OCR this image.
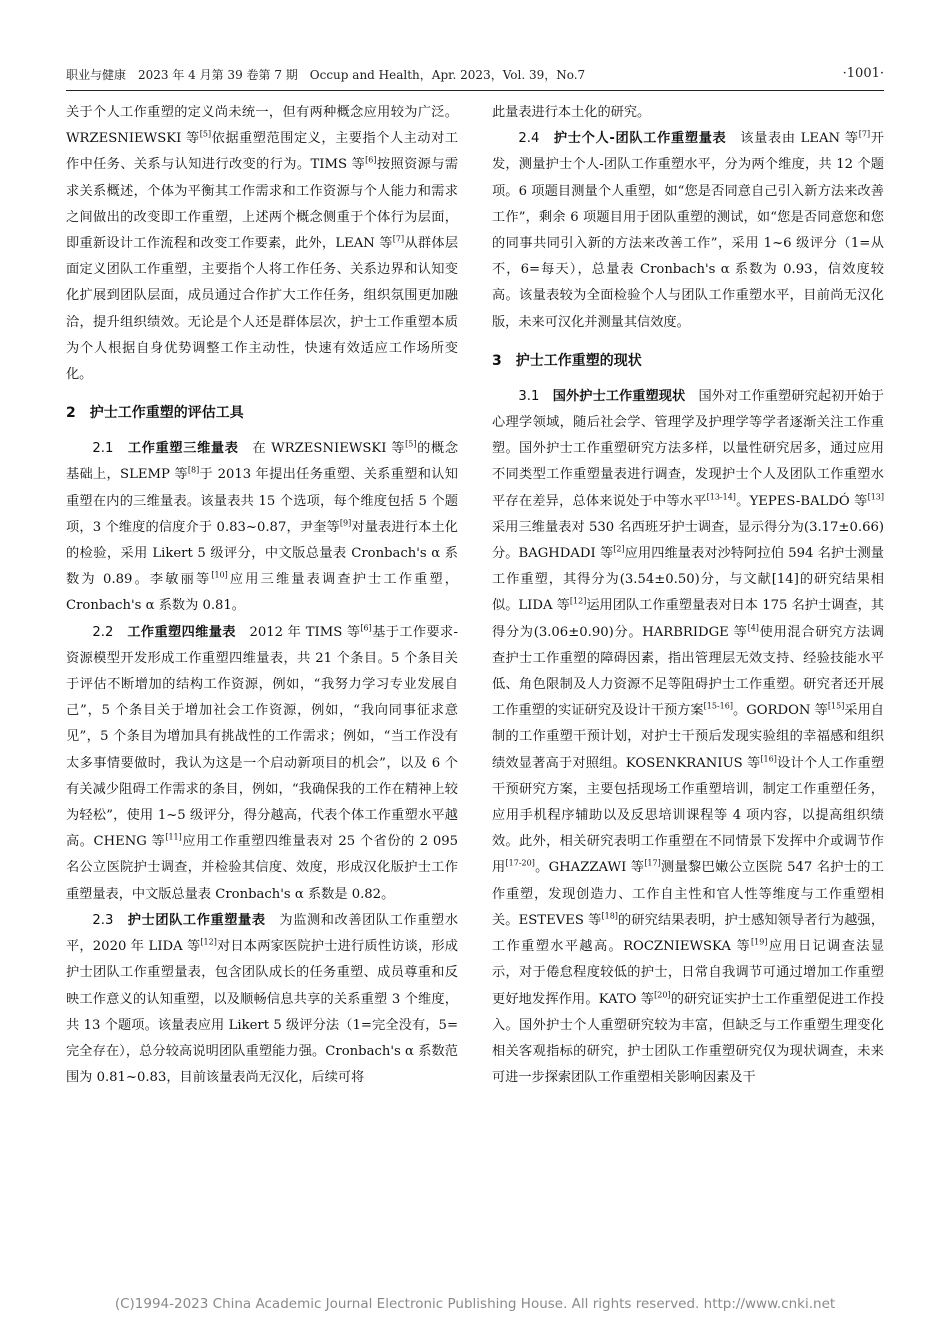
职业与健康　2023 年 4 月第 39 卷第 7 期　Occup and Health，Apr. 2023，Vol. 39，No.7	·1001·

关于个人工作重塑的定义尚未统一，但有两种概念应用较为广泛。WRZESNIEWSKI 等[5]依据重塑范围定义，主要指个人主动对工作中任务、关系与认知进行改变的行为。TIMS 等[6]按照资源与需求关系概述，个体为平衡其工作需求和工作资源与个人能力和需求之间做出的改变即工作重塑，上述两个概念侧重于个体行为层面，即重新设计工作流程和改变工作要素，此外，LEAN 等[7]从群体层面定义团队工作重塑，主要指个人将工作任务、关系边界和认知变化扩展到团队层面，成员通过合作扩大工作任务，组织氛围更加融洽，提升组织绩效。无论是个人还是群体层次，护士工作重塑本质为个人根据自身优势调整工作主动性，快速有效适应工作场所变化。

2　护士工作重塑的评估工具

2.1　 工作重塑三维量表　在 WRZESNIEWSKI 等[5]的概念基础上，SLEMP 等[8]于 2013 年提出任务重塑、关系重塑和认知重塑在内的三维量表。该量表共 15 个选项，每个维度包括 5 个题项，3 个维度的信度介于 0.83~0.87，尹奎等[9]对量表进行本土化的检验，采用 Likert 5 级评分，中文版总量表 Cronbach's α 系数为 0.89。李敏丽等[10]应用三维量表调查护士工作重塑，Cronbach's α 系数为 0.81。

2.2　 工作重塑四维量表　2012 年 TIMS 等[6]基于工作要求-资源模型开发形成工作重塑四维量表，共 21 个条目。5 个条目关于评估不断增加的结构工作资源，例如，“我努力学习专业发展自己”，5 个条目关于增加社会工作资源，例如，“我向同事征求意见”，5 个条目为增加具有挑战性的工作需求；例如，“当工作没有太多事情要做时，我认为这是一个启动新项目的机会”，以及 6 个有关减少阻碍工作需求的条目，例如，“我确保我的工作在精神上较为轻松”，使用 1~5 级评分，得分越高，代表个体工作重塑水平越高。CHENG 等[11]应用工作重塑四维量表对 25 个省份的 2 095 名公立医院护士调查，并检验其信度、效度，形成汉化版护士工作重塑量表，中文版总量表 Cronbach's α 系数是 0.82。

2.3　 护士团队工作重塑量表　为监测和改善团队工作重塑水平，2020 年 LIDA 等[12]对日本两家医院护士进行质性访谈，形成护士团队工作重塑量表，包含团队成长的任务重塑、成员尊重和反映工作意义的认知重塑，以及顺畅信息共享的关系重塑 3 个维度，共 13 个题项。该量表应用 Likert 5 级评分法（1=完全没有，5=完全存在），总分较高说明团队重塑能力强。Cronbach's α 系数范围为 0.81~0.83，目前该量表尚无汉化，后续可将

此量表进行本土化的研究。

2.4　 护士个人-团队工作重塑量表　该量表由 LEAN 等[7]开发，测量护士个人-团队工作重塑水平，分为两个维度，共 12 个题项。6 项题目测量个人重塑，如“您是否同意自己引入新方法来改善工作”，剩余 6 项题目用于团队重塑的测试，如“您是否同意您和您的同事共同引入新的方法来改善工作”，采用 1~6 级评分（1=从不，6=每天），总量表 Cronbach's α 系数为 0.93，信效度较高。该量表较为全面检验个人与团队工作重塑水平，目前尚无汉化版，未来可汉化并测量其信效度。

3　护士工作重塑的现状

3.1　 国外护士工作重塑现状　国外对工作重塑研究起初开始于心理学领域，随后社会学、管理学及护理学等学者逐渐关注工作重塑。国外护士工作重塑研究方法多样，以量性研究居多，通过应用不同类型工作重塑量表进行调查，发现护士个人及团队工作重塑水平存在差异，总体来说处于中等水平[13-14]。YEPES-BALDÓ 等[13]采用三维量表对 530 名西班牙护士调查，显示得分为(3.17±0.66)分。BAGHDADI 等[2]应用四维量表对沙特阿拉伯 594 名护士测量工作重塑，其得分为(3.54±0.50)分，与文献[14]的研究结果相似。LIDA 等[12]运用团队工作重塑量表对日本 175 名护士调查，其得分为(3.06±0.90)分。HARBRIDGE 等[4]使用混合研究方法调查护士工作重塑的障碍因素，指出管理层无效支持、经验技能水平低、角色限制及人力资源不足等阻碍护士工作重塑。研究者还开展工作重塑的实证研究及设计干预方案[15-16]。GORDON 等[15]采用自制的工作重塑干预计划，对护士干预后发现实验组的幸福感和组织绩效显著高于对照组。KOSENKRANIUS 等[16]设计个人工作重塑干预研究方案，主要包括现场工作重塑培训，制定工作重塑任务，应用手机程序辅助以及反思培训课程等 4 项内容，以提高组织绩效。此外，相关研究表明工作重塑在不同情景下发挥中介或调节作用[17-20]。GHAZZAWI 等[17]测量黎巴嫩公立医院 547 名护士的工作重塑，发现创造力、工作自主性和官人性等维度与工作重塑相关。ESTEVES 等[18]的研究结果表明，护士感知领导者行为越强，工作重塑水平越高。ROCZNIEWSKA 等[19]应用日记调查法显示，对于倦怠程度较低的护士，日常自我调节可通过增加工作重塑更好地发挥作用。KATO 等[20]的研究证实护士工作重塑促进工作投入。国外护士个人重塑研究较为丰富，但缺乏与工作重塑生理变化相关客观指标的研究，护士团队工作重塑研究仅为现状调查，未来可进一步探索团队工作重塑相关影响因素及干

(C)1994-2023 China Academic Journal Electronic Publishing House. All rights reserved. http://www.cnki.net
